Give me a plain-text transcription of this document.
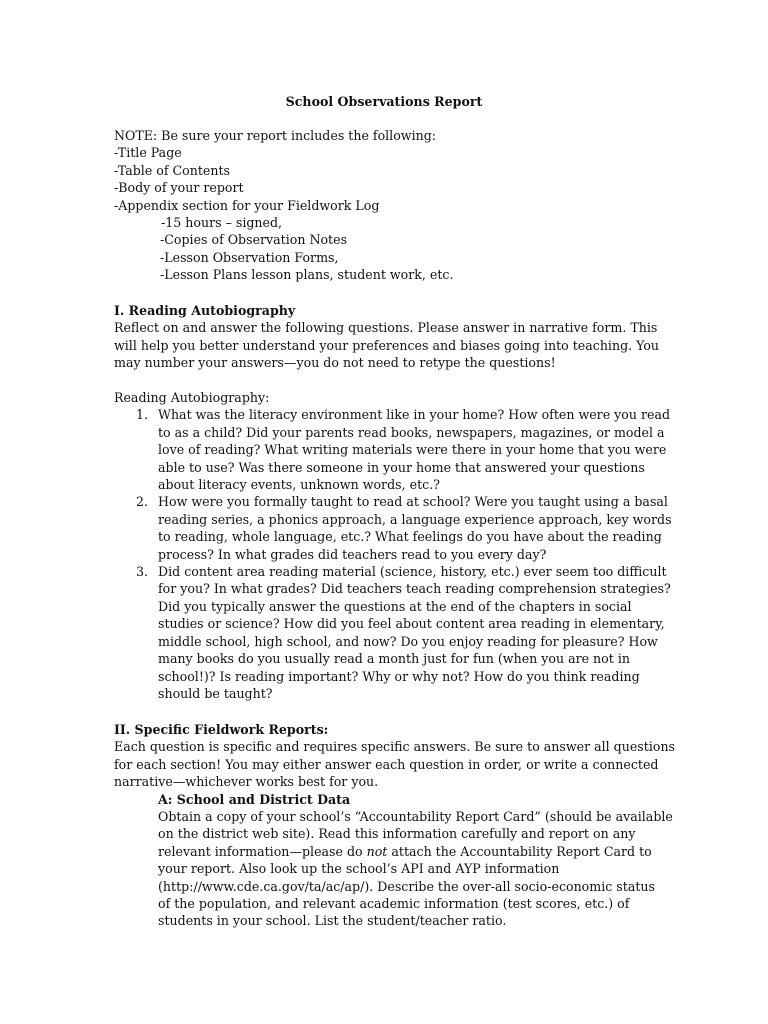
School Observations Report
NOTE: Be sure your report includes the following:
-Title Page
-Table of Contents
-Body of your report
-Appendix section for your Fieldwork Log
-15 hours – signed,
-Copies of Observation Notes
-Lesson Observation Forms,
-Lesson Plans lesson plans, student work, etc.
I. Reading Autobiography
Reflect on and answer the following questions. Please answer in narrative form. This
will help you better understand your preferences and biases going into teaching. You
may number your answers—you do not need to retype the questions!
Reading Autobiography:
1. What was the literacy environment like in your home? How often were you read
to as a child? Did your parents read books, newspapers, magazines, or model a
love of reading? What writing materials were there in your home that you were
able to use? Was there someone in your home that answered your questions
about literacy events, unknown words, etc.?
2. How were you formally taught to read at school? Were you taught using a basal
reading series, a phonics approach, a language experience approach, key words
to reading, whole language, etc.? What feelings do you have about the reading
process? In what grades did teachers read to you every day?
3. Did content area reading material (science, history, etc.) ever seem too difficult
for you? In what grades? Did teachers teach reading comprehension strategies?
Did you typically answer the questions at the end of the chapters in social
studies or science? How did you feel about content area reading in elementary,
middle school, high school, and now? Do you enjoy reading for pleasure? How
many books do you usually read a month just for fun (when you are not in
school!)? Is reading important? Why or why not? How do you think reading
should be taught?
II. Specific Fieldwork Reports:
Each question is specific and requires specific answers. Be sure to answer all questions
for each section! You may either answer each question in order, or write a connected
narrative—whichever works best for you.
A: School and District Data
Obtain a copy of your school’s “Accountability Report Card” (should be available
on the district web site). Read this information carefully and report on any
relevant information—please do not attach the Accountability Report Card to
your report. Also look up the school’s API and AYP information
(http://www.cde.ca.gov/ta/ac/ap/). Describe the over-all socio-economic status
of the population, and relevant academic information (test scores, etc.) of
students in your school. List the student/teacher ratio.
